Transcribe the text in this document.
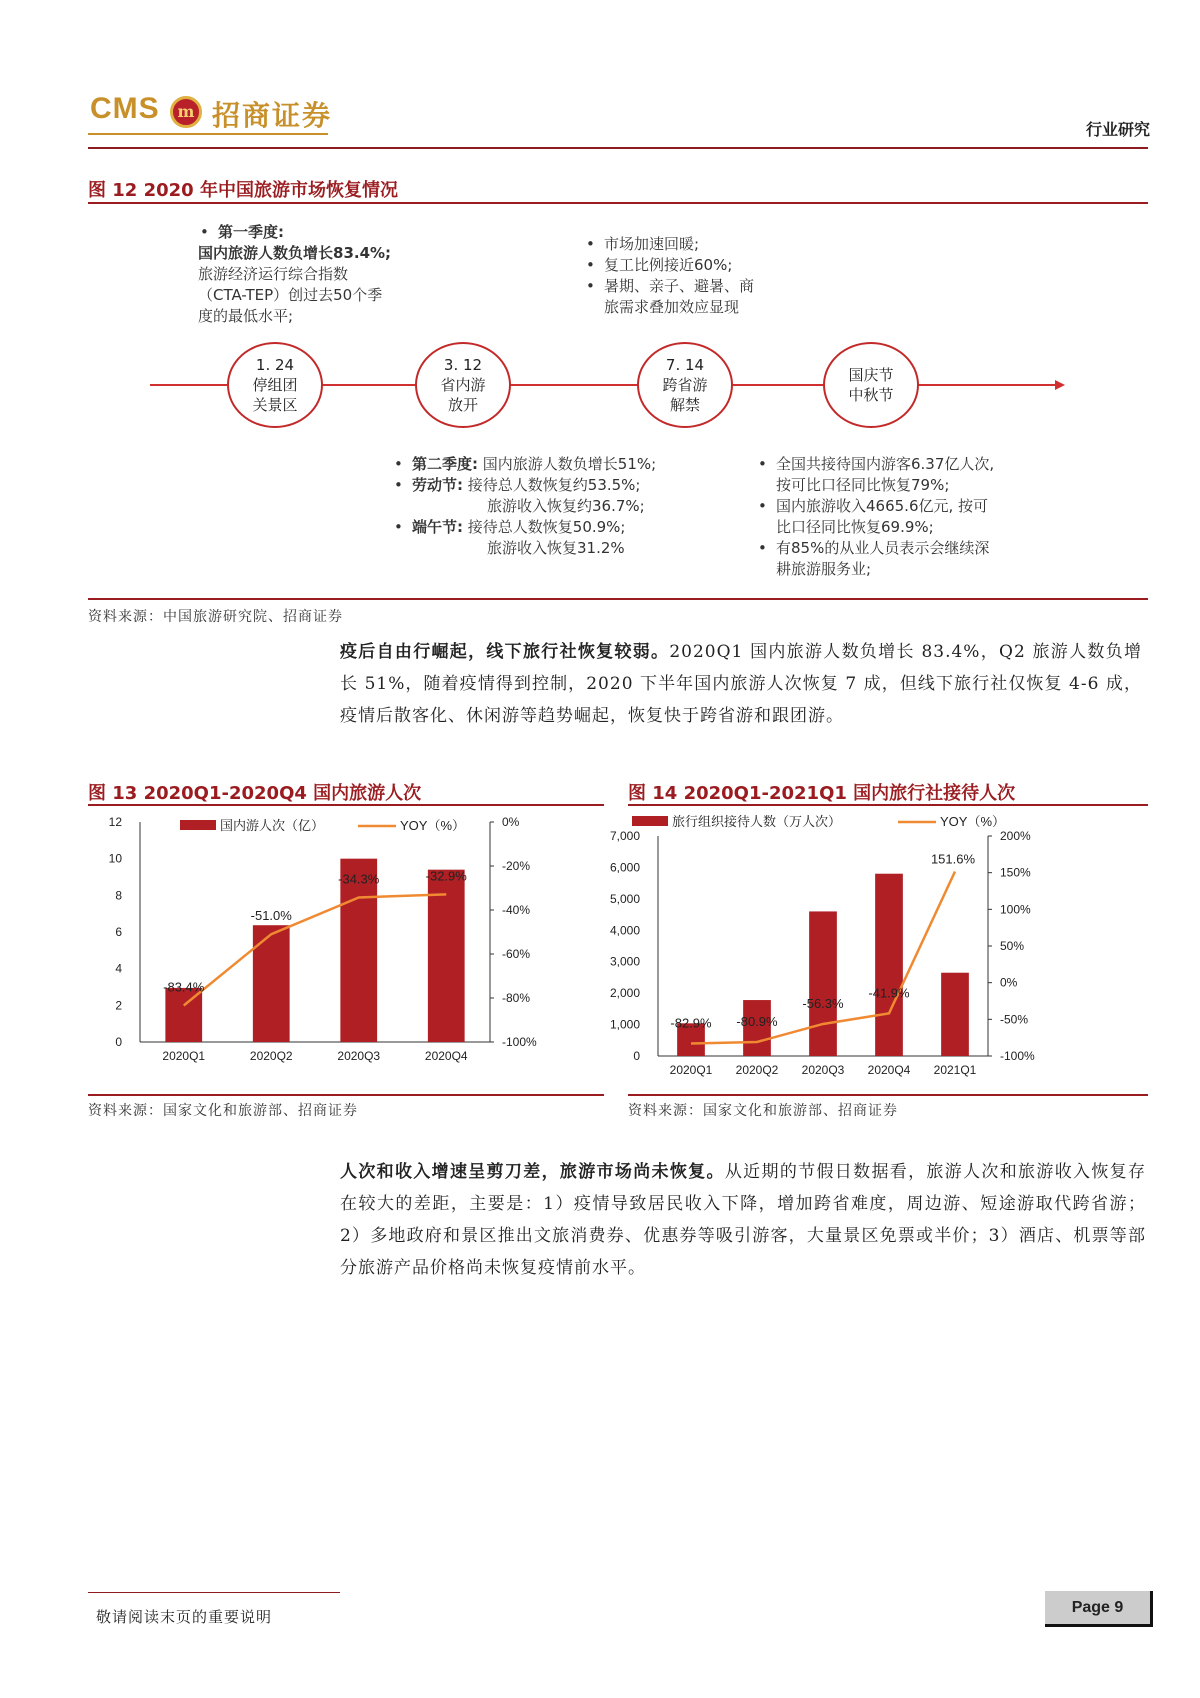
CMS	m 招商证券	行业研究
图 12 2020 年中国旅游市场恢复情况
• 第一季度:
国内旅游人数负增长83.4%;
旅游经济运行综合指数
（CTA-TEP）创过去50个季
度的最低水平;
• 市场加速回暖;
• 复工比例接近60%;
• 暑期、亲子、避暑、商
旅需求叠加效应显现
1. 24
停组团
关景区
3. 12
省内游
放开
7. 14
跨省游
解禁
国庆节
中秋节
• 第二季度: 国内旅游人数负增长51%;
• 劳动节: 接待总人数恢复约53.5%;
旅游收入恢复约36.7%;
• 端午节: 接待总人数恢复50.9%;
旅游收入恢复31.2%
• 全国共接待国内游客6.37亿人次,
按可比口径同比恢复79%;
• 国内旅游收入4665.6亿元, 按可
比口径同比恢复69.9%;
• 有85%的从业人员表示会继续深
耕旅游服务业;
资料来源：中国旅游研究院、招商证券
疫后自由行崛起，线下旅行社恢复较弱。2020Q1 国内旅游人数负增长 83.4%，Q2 旅游人数负增长 51%，随着疫情得到控制，2020 下半年国内旅游人次恢复 7 成，但线下旅行社仅恢复 4-6 成，疫情后散客化、休闲游等趋势崛起，恢复快于跨省游和跟团游。
图 13 2020Q1-2020Q4 国内旅游人次
0
2
4
6
8
10
12
-100%
-80%
-60%
-40%
-20%
0%
2020Q1	2020Q2	2020Q3	2020Q4
-83.4%
-51.0%
-34.3%	-32.9%
国内游人次（亿）	YOY（%）
资料来源：国家文化和旅游部、招商证券
图 14 2020Q1-2021Q1 国内旅行社接待人次
0
1,000
2,000
3,000
4,000
5,000
6,000
7,000
-100%
-50%
0%
50%
100%
150%
200%
2020Q1 2020Q2 2020Q3 2020Q4 2021Q1
-82.9% -80.9%
-56.3%
-41.9%
151.6%
旅行组织接待人数（万人次）	YOY（%）
资料来源：国家文化和旅游部、招商证券
人次和收入增速呈剪刀差，旅游市场尚未恢复。从近期的节假日数据看，旅游人次和旅游收入恢复存在较大的差距，主要是：1）疫情导致居民收入下降，增加跨省难度，周边游、短途游取代跨省游；2）多地政府和景区推出文旅消费券、优惠券等吸引游客，大量景区免票或半价；3）酒店、机票等部分旅游产品价格尚未恢复疫情前水平。
敬请阅读末页的重要说明
Page 9
